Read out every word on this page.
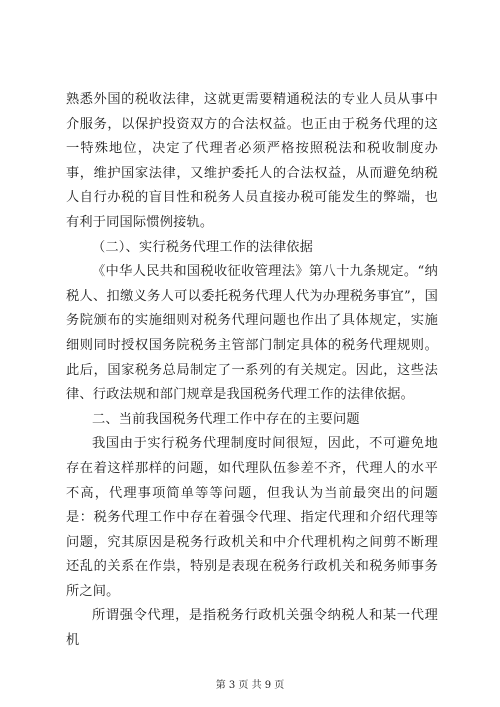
熟悉外国的税收法律，这就更需要精通税法的专业人员从事中介服务，以保护投资双方的合法权益。也正由于税务代理的这一特殊地位，决定了代理者必须严格按照税法和税收制度办事，维护国家法律，又维护委托人的合法权益，从而避免纳税人自行办税的盲目性和税务人员直接办税可能发生的弊端，也有利于同国际惯例接轨。

（二）、实行税务代理工作的法律依据

《中华人民共和国税收征收管理法》第八十九条规定。“纳税人、扣缴义务人可以委托税务代理人代为办理税务事宜”，国务院颁布的实施细则对税务代理问题也作出了具体规定，实施细则同时授权国务院税务主管部门制定具体的税务代理规则。此后，国家税务总局制定了一系列的有关规定。因此，这些法律、行政法规和部门规章是我国税务代理工作的法律依据。

二、当前我国税务代理工作中存在的主要问题

我国由于实行税务代理制度时间很短，因此，不可避免地存在着这样那样的问题，如代理队伍参差不齐，代理人的水平不高，代理事项简单等等问题，但我认为当前最突出的问题是：税务代理工作中存在着强令代理、指定代理和介绍代理等问题，究其原因是税务行政机关和中介代理机构之间剪不断理还乱的关系在作祟，特别是表现在税务行政机关和税务师事务所之间。

所谓强令代理，是指税务行政机关强令纳税人和某一代理机

第 3 页 共 9 页
